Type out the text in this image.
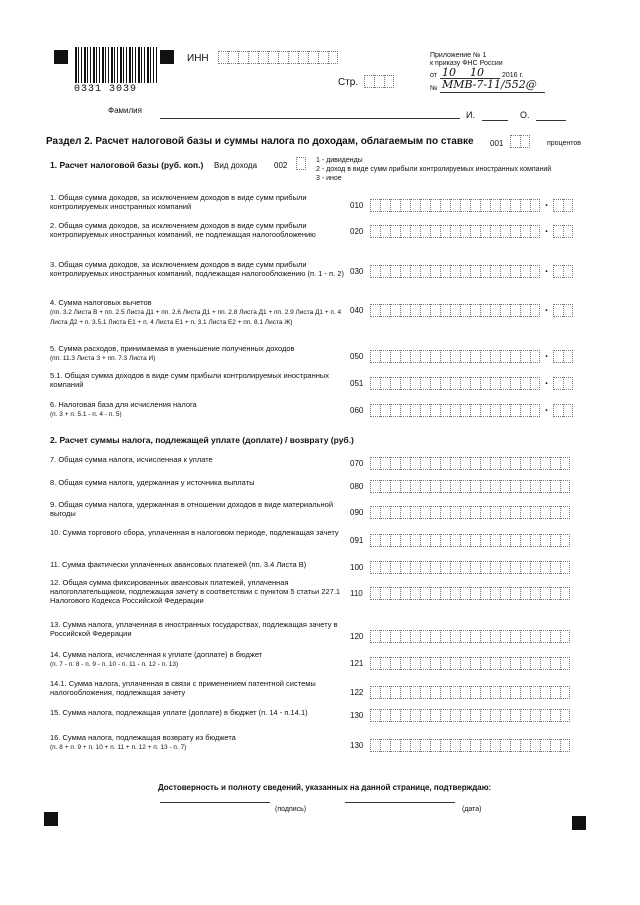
0331 3039
ИНН
Стр.
Приложение № 1
к приказу ФНС России
от 10 10	2016 г.
№ ММВ-7-11/552@
Фамилия	И.	О.
Раздел 2. Расчет налоговой базы и суммы налога по доходам, облагаемым по ставке 001	процентов
1. Расчет налоговой базы (руб. коп.) Вид дохода 002
1 - дивиденды
2 - доход в виде сумм прибыли контролируемых иностранных компаний
3 - иное
1. Общая сумма доходов, за исключением доходов в виде сумм прибыли контролируемых иностранных компаний	010	.
2. Общая сумма доходов, за исключением доходов в виде сумм прибыли контролируемых иностранных компаний, не подлежащая налогообложению	020	.
3. Общая сумма доходов, за исключением доходов в виде сумм прибыли контролируемых иностранных компаний, подлежащая налогообложению (п. 1 - п. 2) 030	.
4. Сумма налоговых вычетов
(пп. 3.2 Листа В + пп. 2.5 Листа Д1 + пп. 2.6 Листа Д1 + пп. 2.8 Листа Д1 + пп. 2.9 Листа Д1 + п. 4 Листа Д2 + п. 3.5.1 Листа Е1 + п. 4 Листа Е1 + п. 3.1 Листа Е2 + пп. 8.1 Листа Ж)
040	.
5. Сумма расходов, принимаемая в уменьшение полученных доходов
(пп. 11.3 Листа З + пп. 7.3 Листа И)	050	.
5.1. Общая сумма доходов в виде сумм прибыли контролируемых иностранных компаний	051	.
6. Налоговая база для исчисления налога
(п. 3 + п. 5.1 - п. 4 - п. 5)	060	.
2. Расчет суммы налога, подлежащей уплате (доплате) / возврату (руб.)
7. Общая сумма налога, исчисленная к уплате	070
8. Общая сумма налога, удержанная у источника выплаты	080
9. Общая сумма налога, удержанная в отношении доходов в виде материальной выгоды	090
10. Сумма торгового сбора, уплаченная в налоговом периоде, подлежащая зачету
091
11. Сумма фактически уплаченных авансовых платежей (пп. 3.4 Листа В)	100
12. Общая сумма фиксированных авансовых платежей, уплаченная налогоплательщиком, подлежащая зачету в соответствии с пунктом 5 статьи 227.1 Налогового Кодекса Российской Федерации
110
13. Сумма налога, уплаченная в иностранных государствах, подлежащая зачету в Российской Федерации	120
14. Сумма налога, исчисленная к уплате (доплате) в бюджет
(п. 7 - п. 8 - п. 9 - п. 10 - п. 11 - п. 12 - п. 13)	121
14.1. Сумма налога, уплаченная в связи с применением патентной системы налогообложения, подлежащая зачету	122
15. Сумма налога, подлежащая уплате (доплате) в бюджет (п. 14 - п.14.1)	130
16. Сумма налога, подлежащая возврату из бюджета
(п. 8 + п. 9 + п. 10 + п. 11 + п. 12 + п. 13 - п. 7)	130
Достоверность и полноту сведений, указанных на данной странице, подтверждаю:
(подпись)	(дата)
